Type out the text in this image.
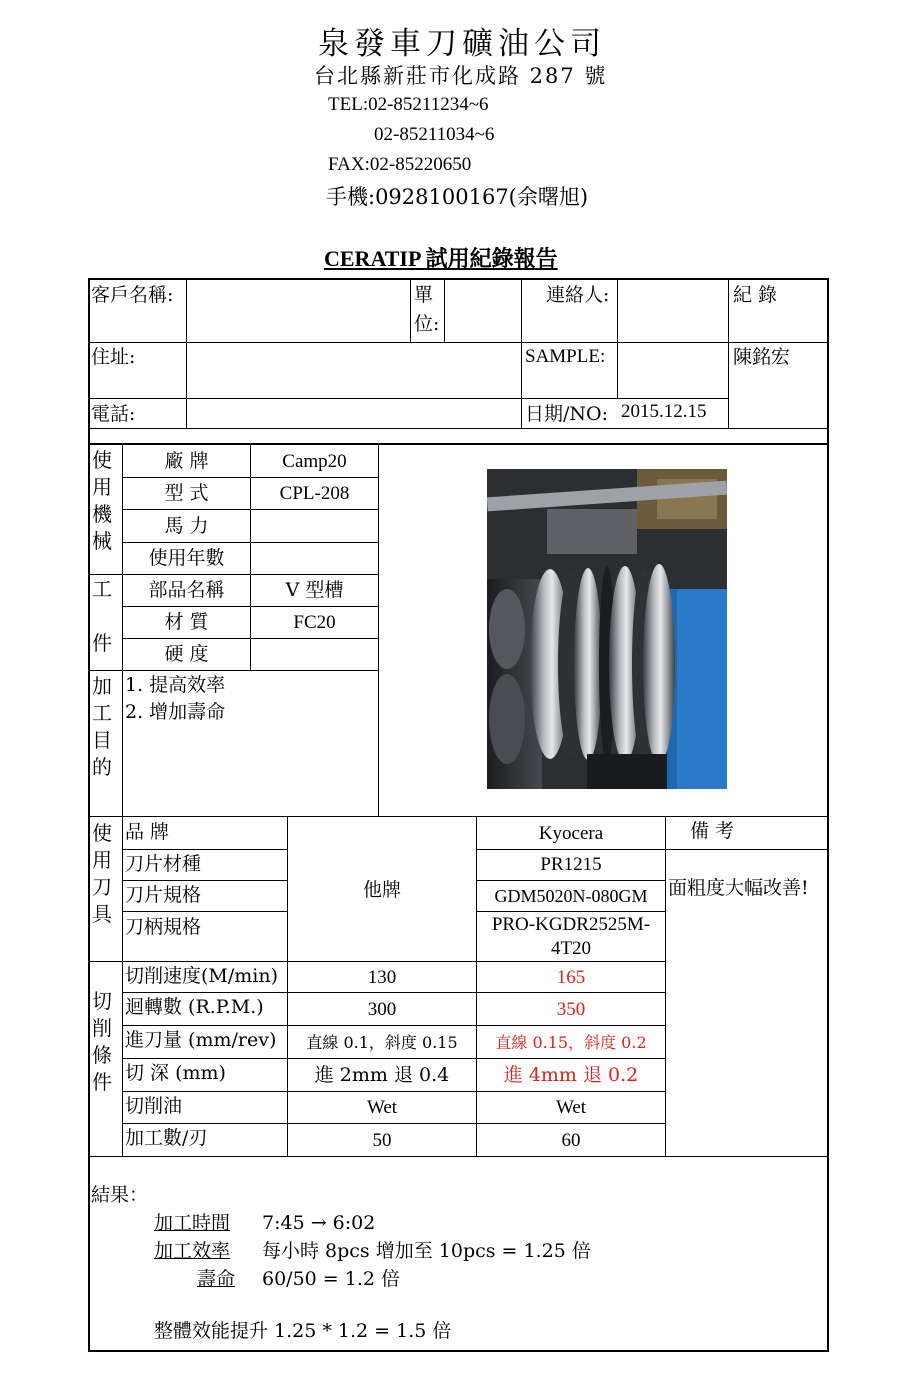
泉發車刀礦油公司
台北縣新莊市化成路 287 號
TEL:02-85211234~6
02-85211034~6
FAX:02-85220650
手機:0928100167(余曙旭)
CERATIP 試用紀錄報告
客戶名稱:	單
位:
連絡人:	紀 錄
住址:	SAMPLE:	陳銘宏
電話:	日期/NO: 2015.12.15
使
用
機
械
工
件
加
工
目
的
廠 牌	Camp20
型 式	CPL-208
馬 力
使用年數
部品名稱	V 型槽
材 質	FC20
硬 度
1. 提高效率
2. 增加壽命
使
用
刀
具
品 牌	Kyocera
刀片材種	PR1215
刀片規格	GDM5020N-080GM
刀柄規格	PRO-KGDR2525M-
4T20
他牌
備 考
面粗度大幅改善!
切
削
條
件
切削速度(M/min)	130	165
迴轉數 (R.P.M.)	300	350
進刀量 (mm/rev)	直線 0.1，斜度 0.15	直線 0.15，斜度 0.2
切 深 (mm)	進 2mm 退 0.4	進 4mm 退 0.2
切削油	Wet	Wet
加工數/刃	50	60
結果：
加工時間 7:45 → 6:02
加工效率 每小時 8pcs 增加至 10pcs = 1.25 倍
壽命 60/50 = 1.2 倍
整體效能提升 1.25 * 1.2 = 1.5 倍
